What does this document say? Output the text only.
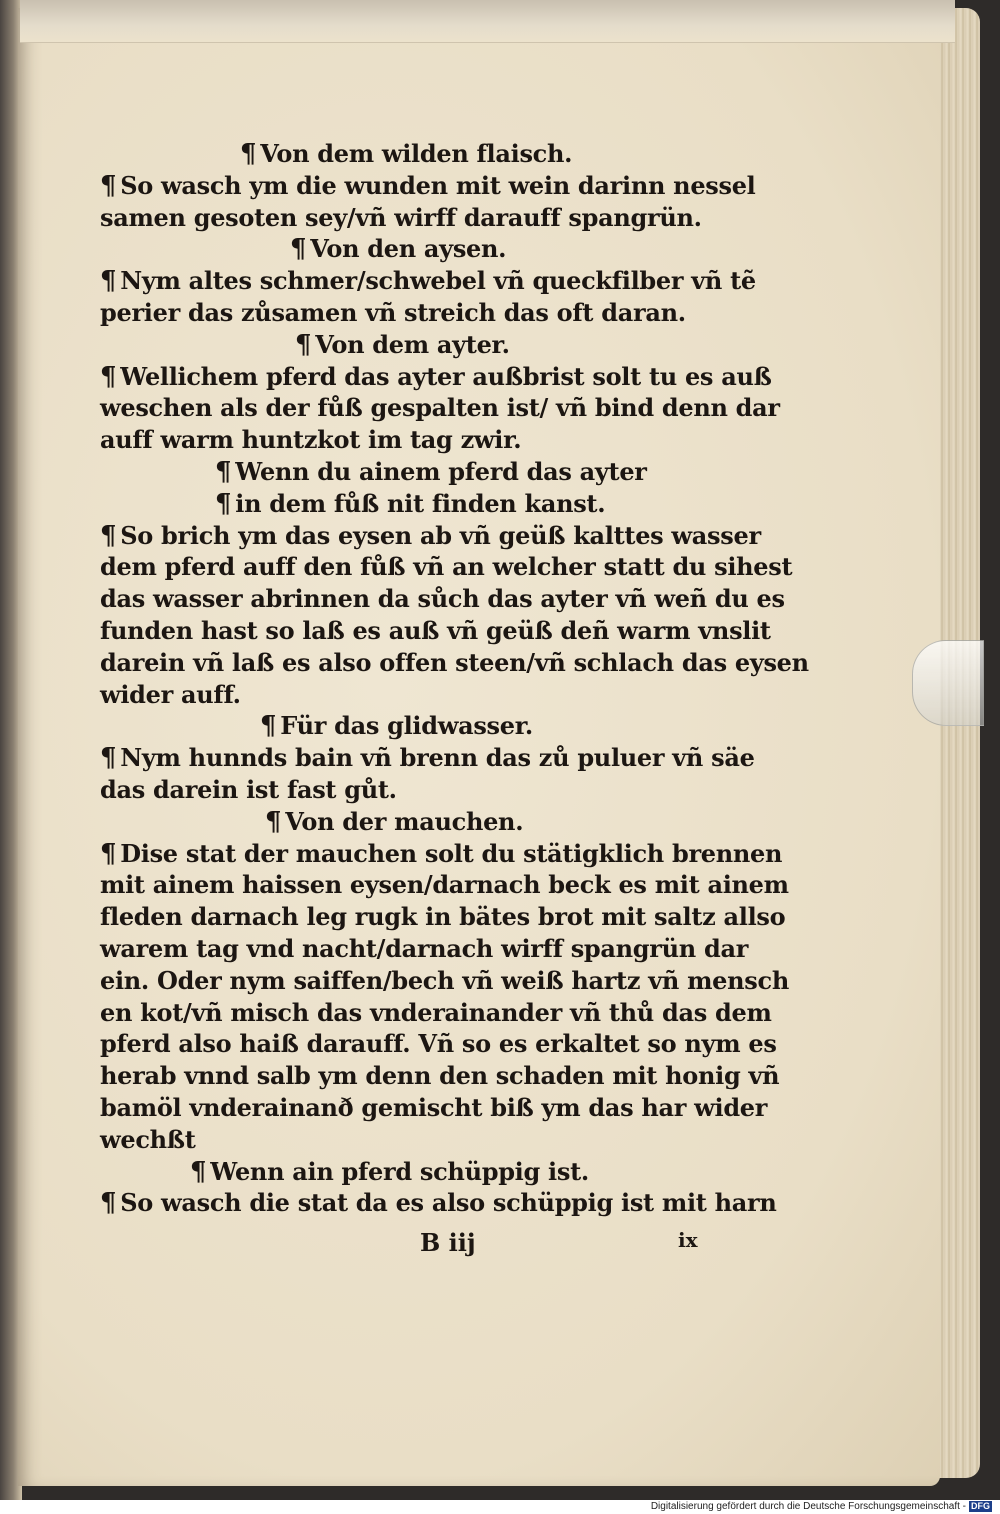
¶ Von dem wilden flaisch.
¶ So wasch ym die wunden mit wein darinn nessel
samen gesoten sey/vñ wirff darauff spangrün.
¶ Von den aysen.
¶ Nym altes schmer/schwebel vñ queckfilber vñ tẽ
perier das zůsamen vñ streich das oft daran.
¶ Von dem ayter.
¶ Wellichem pferd das ayter außbrist solt tu es auß
weschen als der fůß gespalten ist/ vñ bind denn dar
auff warm huntzkot im tag zwir.
¶ Wenn du ainem pferd das ayter
¶ in dem fůß nit finden kanst.
¶ So brich ym das eysen ab vñ geüß kalttes wasser
dem pferd auff den fůß vñ an welcher statt du sihest
das wasser abrinnen da sůch das ayter vñ weñ du es
funden hast so laß es auß vñ geüß deñ warm vnslit
darein vñ laß es also offen steen/vñ schlach das eysen
wider auff.
¶ Für das glidwasser.
¶ Nym hunnds bain vñ brenn das zů puluer vñ säe
das darein ist fast gůt.
¶ Von der mauchen.
¶ Dise stat der mauchen solt du stätigklich brennen
mit ainem haissen eysen/darnach beck es mit ainem
fleden darnach leg rugk in bätes brot mit saltz allso
warem tag vnd nacht/darnach wirff spangrün dar
ein. Oder nym saiffen/bech vñ weiß hartz vñ mensch
en kot/vñ misch das vnderainander vñ thů das dem
pferd also haiß darauff. Vñ so es erkaltet so nym es
herab vnnd salb ym denn den schaden mit honig vñ
bamöl vnderainanð gemischt biß ym das har wider
wechßt
¶ Wenn ain pferd schüppig ist.
¶ So wasch die stat da es also schüppig ist mit harn
B iij	ix
Digitalisierung gefördert durch die Deutsche Forschungsgemeinschaft - DFG
